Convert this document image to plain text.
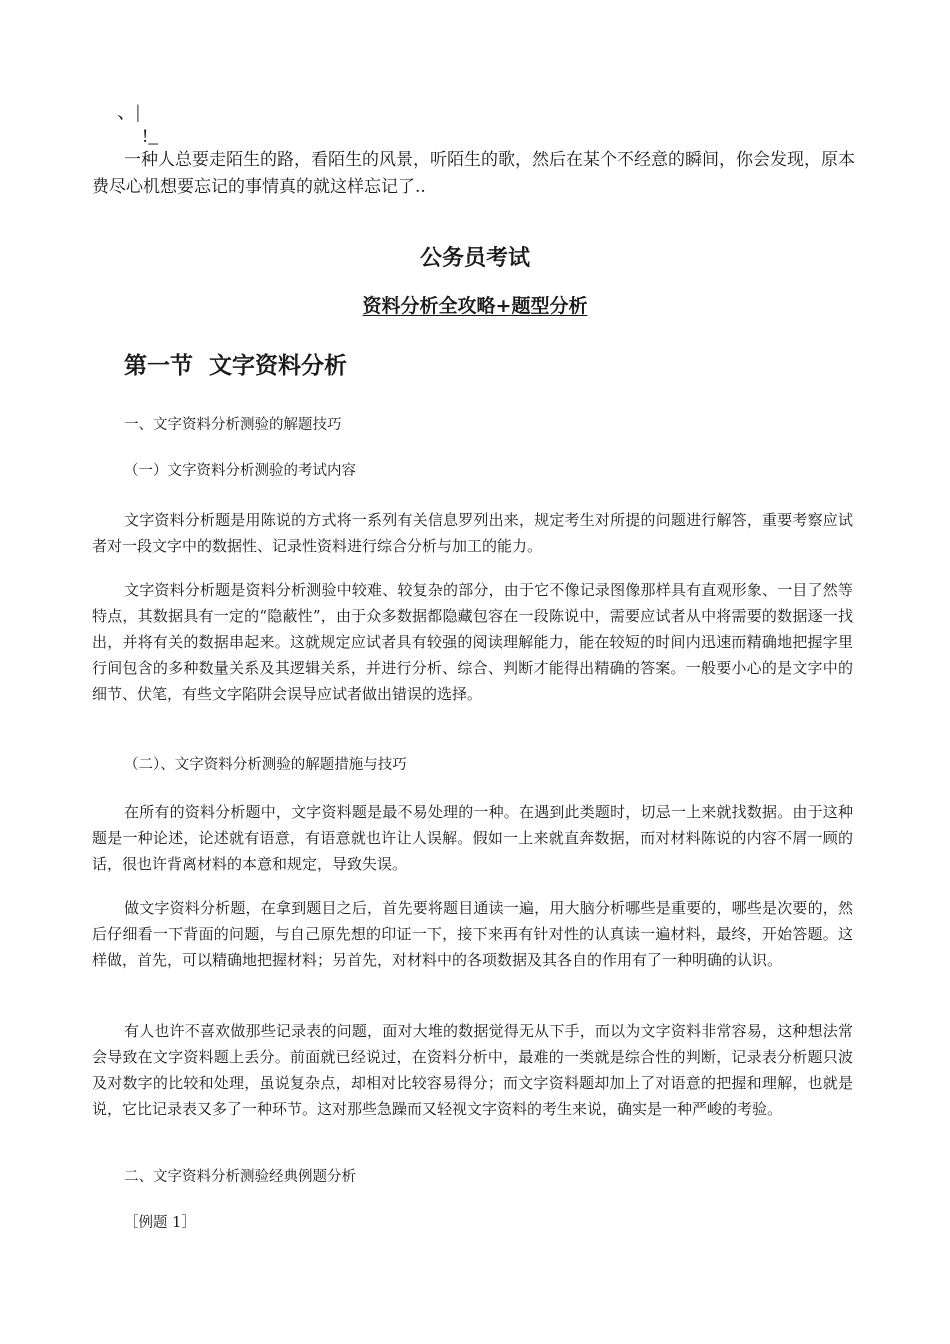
、|

!_

一种人总要走陌生的路，看陌生的风景，听陌生的歌，然后在某个不经意的瞬间，你会发现，原本费尽心机想要忘记的事情真的就这样忘记了..

公务员考试
资料分析全攻略+题型分析
第一节  文字资料分析

一、文字资料分析测验的解题技巧

（一）文字资料分析测验的考试内容

文字资料分析题是用陈说的方式将一系列有关信息罗列出来，规定考生对所提的问题进行解答，重要考察应试者对一段文字中的数据性、记录性资料进行综合分析与加工的能力。

文字资料分析题是资料分析测验中较难、较复杂的部分，由于它不像记录图像那样具有直观形象、一目了然等特点，其数据具有一定的“隐蔽性”，由于众多数据都隐藏包容在一段陈说中，需要应试者从中将需要的数据逐一找出，并将有关的数据串起来。这就规定应试者具有较强的阅读理解能力，能在较短的时间内迅速而精确地把握字里行间包含的多种数量关系及其逻辑关系，并进行分析、综合、判断才能得出精确的答案。一般要小心的是文字中的细节、伏笔，有些文字陷阱会误导应试者做出错误的选择。

（二）、文字资料分析测验的解题措施与技巧

在所有的资料分析题中，文字资料题是最不易处理的一种。在遇到此类题时，切忌一上来就找数据。由于这种题是一种论述，论述就有语意，有语意就也许让人误解。假如一上来就直奔数据，而对材料陈说的内容不屑一顾的话，很也许背离材料的本意和规定，导致失误。

做文字资料分析题，在拿到题目之后，首先要将题目通读一遍，用大脑分析哪些是重要的，哪些是次要的，然后仔细看一下背面的问题，与自己原先想的印证一下，接下来再有针对性的认真读一遍材料，最终，开始答题。这样做，首先，可以精确地把握材料；另首先，对材料中的各项数据及其各自的作用有了一种明确的认识。

有人也许不喜欢做那些记录表的问题，面对大堆的数据觉得无从下手，而以为文字资料非常容易，这种想法常会导致在文字资料题上丢分。前面就已经说过，在资料分析中，最难的一类就是综合性的判断，记录表分析题只波及对数字的比较和处理，虽说复杂点，却相对比较容易得分；而文字资料题却加上了对语意的把握和理解，也就是说，它比记录表又多了一种环节。这对那些急躁而又轻视文字资料的考生来说，确实是一种严峻的考验。

二、文字资料分析测验经典例题分析

［例题 1］
